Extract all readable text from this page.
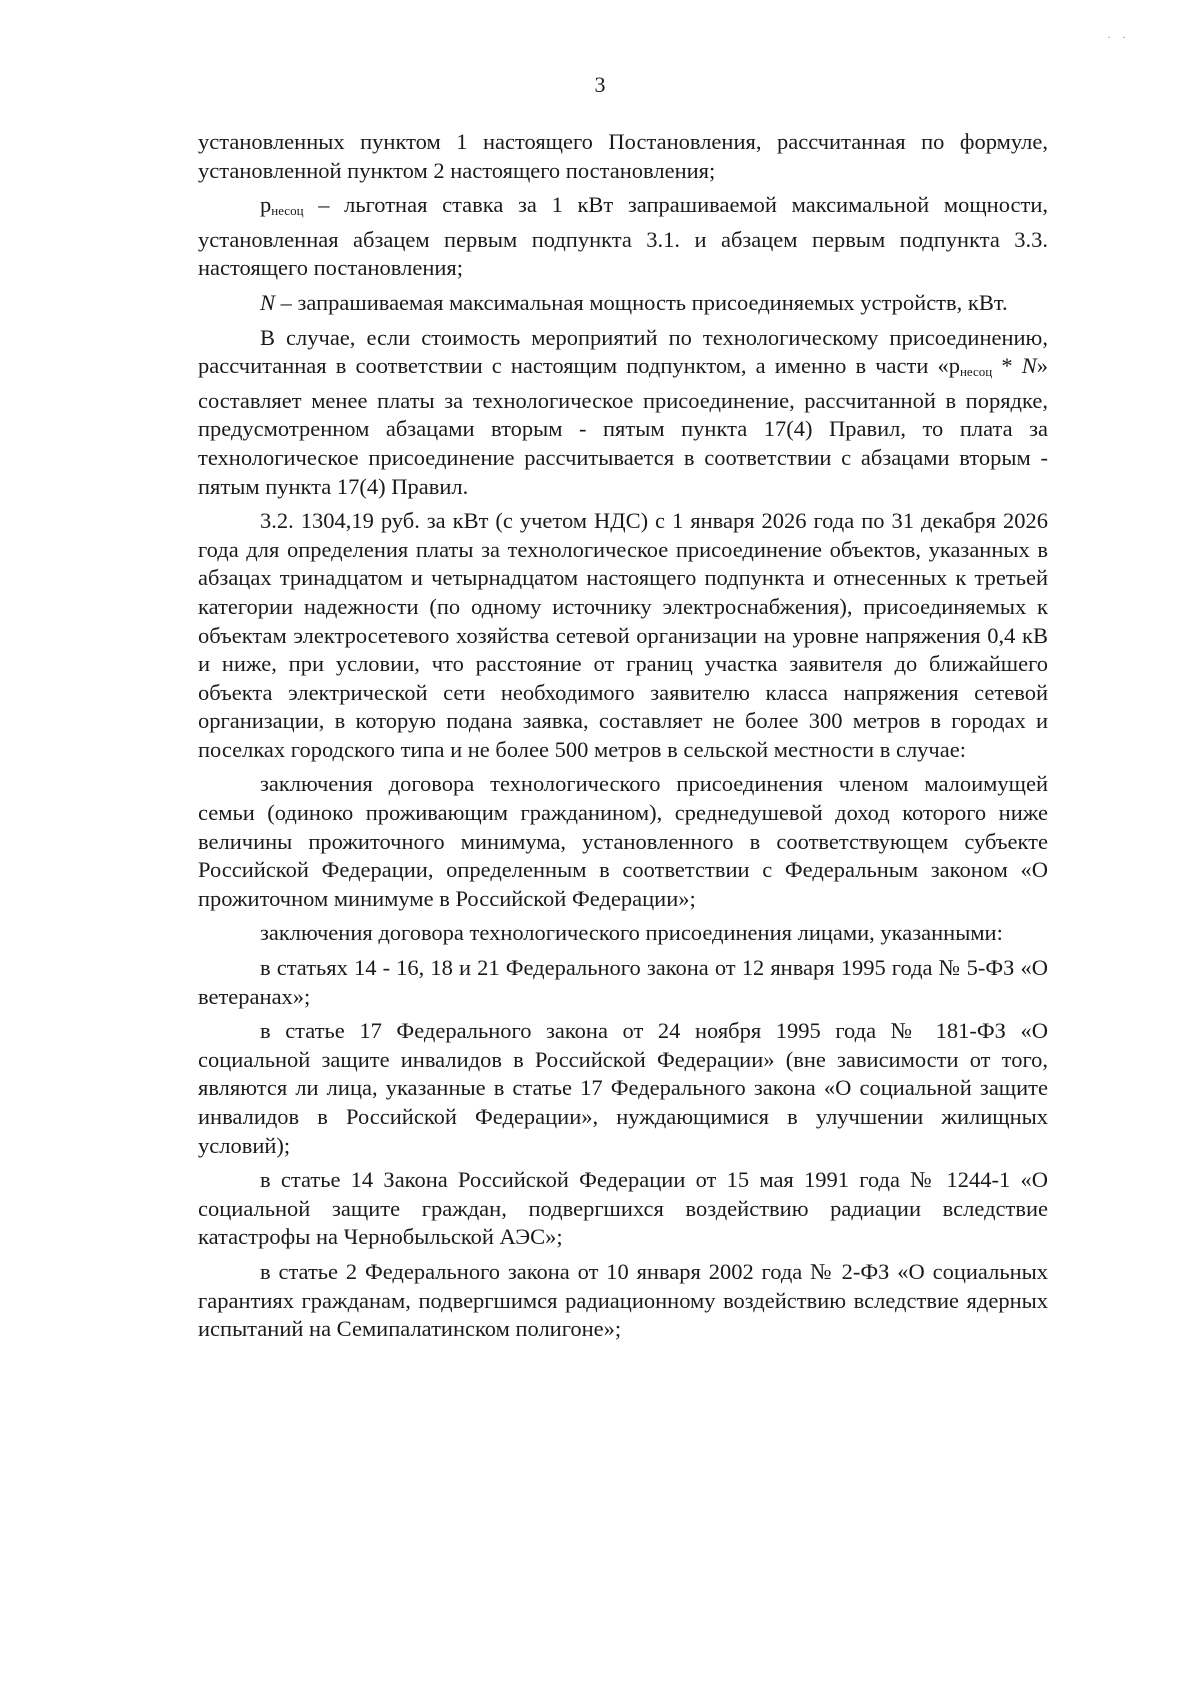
· ·
3

установленных пунктом 1 настоящего Постановления, рассчитанная по формуле, установленной пунктом 2 настоящего постановления;

$p_{несоц}$ – льготная ставка за 1 кВт запрашиваемой максимальной мощности, установленная абзацем первым подпункта 3.1. и абзацем первым подпункта 3.3. настоящего постановления;

N – запрашиваемая максимальная мощность присоединяемых устройств, кВт.

В случае, если стоимость мероприятий по технологическому присоединению, рассчитанная в соответствии с настоящим подпунктом, а именно в части «$p_{несоц}$ * N» составляет менее платы за технологическое присоединение, рассчитанной в порядке, предусмотренном абзацами вторым - пятым пункта 17(4) Правил, то плата за технологическое присоединение рассчитывается в соответствии с абзацами вторым - пятым пункта 17(4) Правил.

3.2. 1304,19 руб. за кВт (с учетом НДС) с 1 января 2026 года по 31 декабря 2026 года для определения платы за технологическое присоединение объектов, указанных в абзацах тринадцатом и четырнадцатом настоящего подпункта и отнесенных к третьей категории надежности (по одному источнику электроснабжения), присоединяемых к объектам электросетевого хозяйства сетевой организации на уровне напряжения 0,4 кВ и ниже, при условии, что расстояние от границ участка заявителя до ближайшего объекта электрической сети необходимого заявителю класса напряжения сетевой организации, в которую подана заявка, составляет не более 300 метров в городах и поселках городского типа и не более 500 метров в сельской местности в случае:

заключения договора технологического присоединения членом малоимущей семьи (одиноко проживающим гражданином), среднедушевой доход которого ниже величины прожиточного минимума, установленного в соответствующем субъекте Российской Федерации, определенным в соответствии с Федеральным законом «О прожиточном минимуме в Российской Федерации»;

заключения договора технологического присоединения лицами, указанными:

в статьях 14 - 16, 18 и 21 Федерального закона от 12 января 1995 года № 5-ФЗ «О ветеранах»;

в статье 17 Федерального закона от 24 ноября 1995 года № 181-ФЗ «О социальной защите инвалидов в Российской Федерации» (вне зависимости от того, являются ли лица, указанные в статье 17 Федерального закона «О социальной защите инвалидов в Российской Федерации», нуждающимися в улучшении жилищных условий);

в статье 14 Закона Российской Федерации от 15 мая 1991 года № 1244-1 «О социальной защите граждан, подвергшихся воздействию радиации вследствие катастрофы на Чернобыльской АЭС»;

в статье 2 Федерального закона от 10 января 2002 года № 2-ФЗ «О социальных гарантиях гражданам, подвергшимся радиационному воздействию вследствие ядерных испытаний на Семипалатинском полигоне»;
